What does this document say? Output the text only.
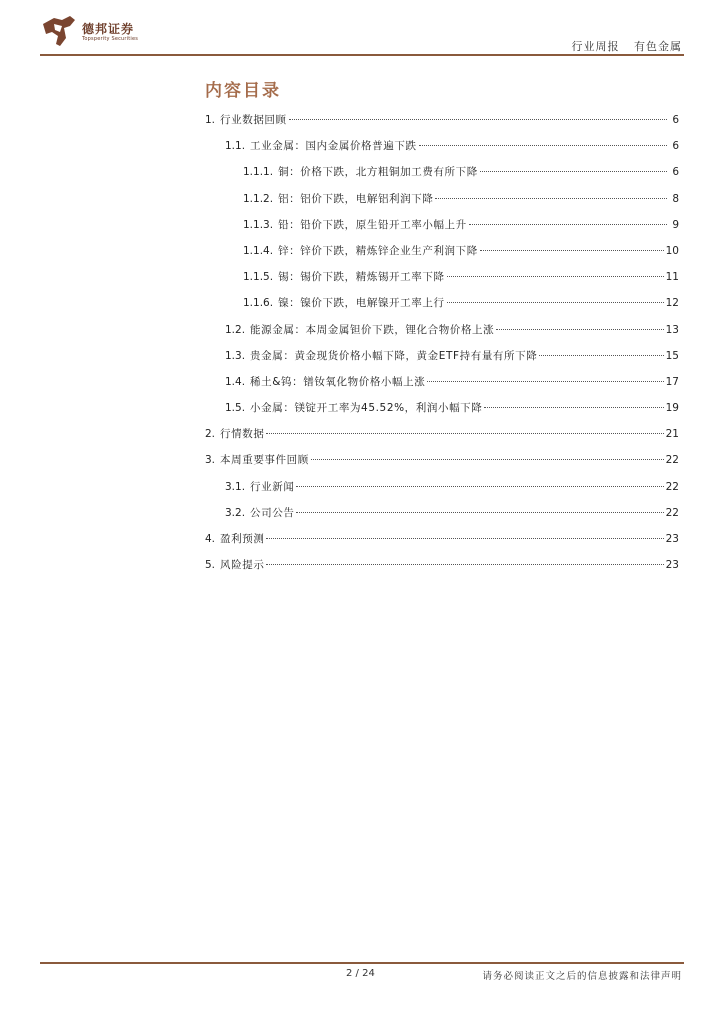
德邦证券
Topsperity Securities
行业周报 有色金属
内容目录
1. 行业数据回顾	6
1.1. 工业金属：国内金属价格普遍下跌	6
1.1.1. 铜：价格下跌，北方粗铜加工费有所下降	6
1.1.2. 铝：铝价下跌，电解铝利润下降	8
1.1.3. 铅：铅价下跌，原生铅开工率小幅上升	9
1.1.4. 锌：锌价下跌，精炼锌企业生产利润下降	10
1.1.5. 锡：锡价下跌，精炼锡开工率下降	11
1.1.6. 镍：镍价下跌，电解镍开工率上行	12
1.2. 能源金属：本周金属钽价下跌，锂化合物价格上涨	13
1.3. 贵金属：黄金现货价格小幅下降，黄金ETF持有量有所下降	15
1.4. 稀土&钨：镨钕氧化物价格小幅上涨	17
1.5. 小金属：镁锭开工率为45.52%，利润小幅下降	19
2. 行情数据	21
3. 本周重要事件回顾	22
3.1. 行业新闻	22
3.2. 公司公告	22
4. 盈利预测	23
5. 风险提示	23
2 / 24	请务必阅读正文之后的信息披露和法律声明
